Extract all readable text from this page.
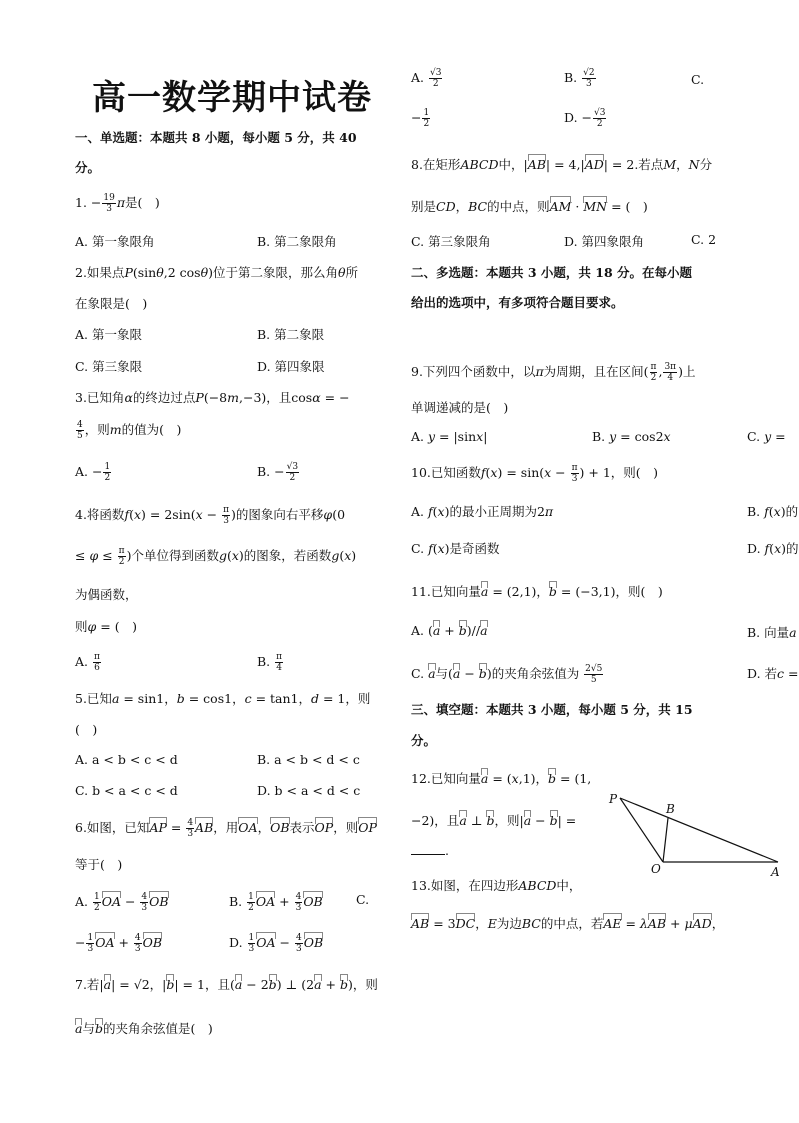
高一数学期中试卷
一、单选题：本题共 8 小题，每小题 5 分，共 40
分。
1. − $\frac{19}{3}$ π是(　)
A. 第一象限角	B. 第二象限角
2.如果点P(sinθ,2 cosθ)位于第二象限，那么角θ所
在象限是(　)
A. 第一象限	B. 第二象限
C. 第三象限	D. 第四象限
3.已知角α的终边过点P(−8m,−3)，且cosα = −
$\frac{4}{5}$ ，则m的值为(　)
A. − $\frac{1}{2}$	B. − $\frac{√3}{2}$
4.将函数$f(x) = 2\sin(x - \frac{\pi}{3}$ )的图象向右平移φ(0
≤ $\varphi \le \frac{\pi}{2}$ )个单位得到函数g(x)的图象，若函数g(x)
为偶函数，
则φ = (　)
A. $\frac{\pi}{6}$	B. $\frac{\pi}{4}$
5.已知a = sin1，b = cos1，c = tan1，d = 1，则
(　)
A. a < b < c < d	B. a < b < d < c
C. b < a < c < d	D. b < a < d < c
6.如图，已知AP = $\frac{4}{3}$ AB，用OA，OB表示OP，则OP
等于(　)
A. $\frac{1}{2}$ OA − $\frac{4}{3}$ OB	B. $\frac{1}{2}$ OA + $\frac{4}{3}$ OB	C.
− $\frac{1}{3}$ OA + $\frac{4}{3}$ OB	D. $\frac{1}{3}$ OA − $\frac{4}{3}$ OB
7.若|a| = √2，|b| = 1，且(a − 2b) ⊥ (2a + b)，则
a与b的夹角余弦值是(　)
A. $\frac{√3}{2}$	B. $\frac{√2}{3}$	C.
− $\frac{1}{2}$	D. − $\frac{√3}{2}$
8.在矩形ABCD中，|AB| = 4,|AD| = 2.若点M，N分
别是CD，BC的中点，则AM · MN = (　)
C. 第三象限角	D. 第四象限角	C. 2
二、多选题：本题共 3 小题，共 18 分。在每小题
给出的选项中，有多项符合题目要求。
9.下列四个函数中，以π为周期，且在区间( $\frac{\pi}{2}$ , $\frac{3\pi}{4}$ )上
单调递减的是(　)
A. y = |sinx|	B. y = cos2x	C. y =
10.已知函数$f(x) = \sin(x - \frac{\pi}{3}$ ) + 1，则(　)
A. f(x)的最小正周期为2π	B. f(x)的
C. f(x)是奇函数	D. f(x)的
11.已知向量a = (2,1)，b = (−3,1)，则(　)
A. (a + b)//a	B. 向量a
C. a与(a − b)的夹角余弦值为 $\frac{2√5}{5}$	D. 若c =
三、填空题：本题共 3 小题，每小题 5 分，共 15
分。
12.已知向量a = (x,1)，b = (1,
−2)，且a ⊥ b，则|a − b| =
.
P
B
O	A
13.如图，在四边形ABCD中，
AB = 3DC，E为边BC的中点，若AE = λAB + μAD，
